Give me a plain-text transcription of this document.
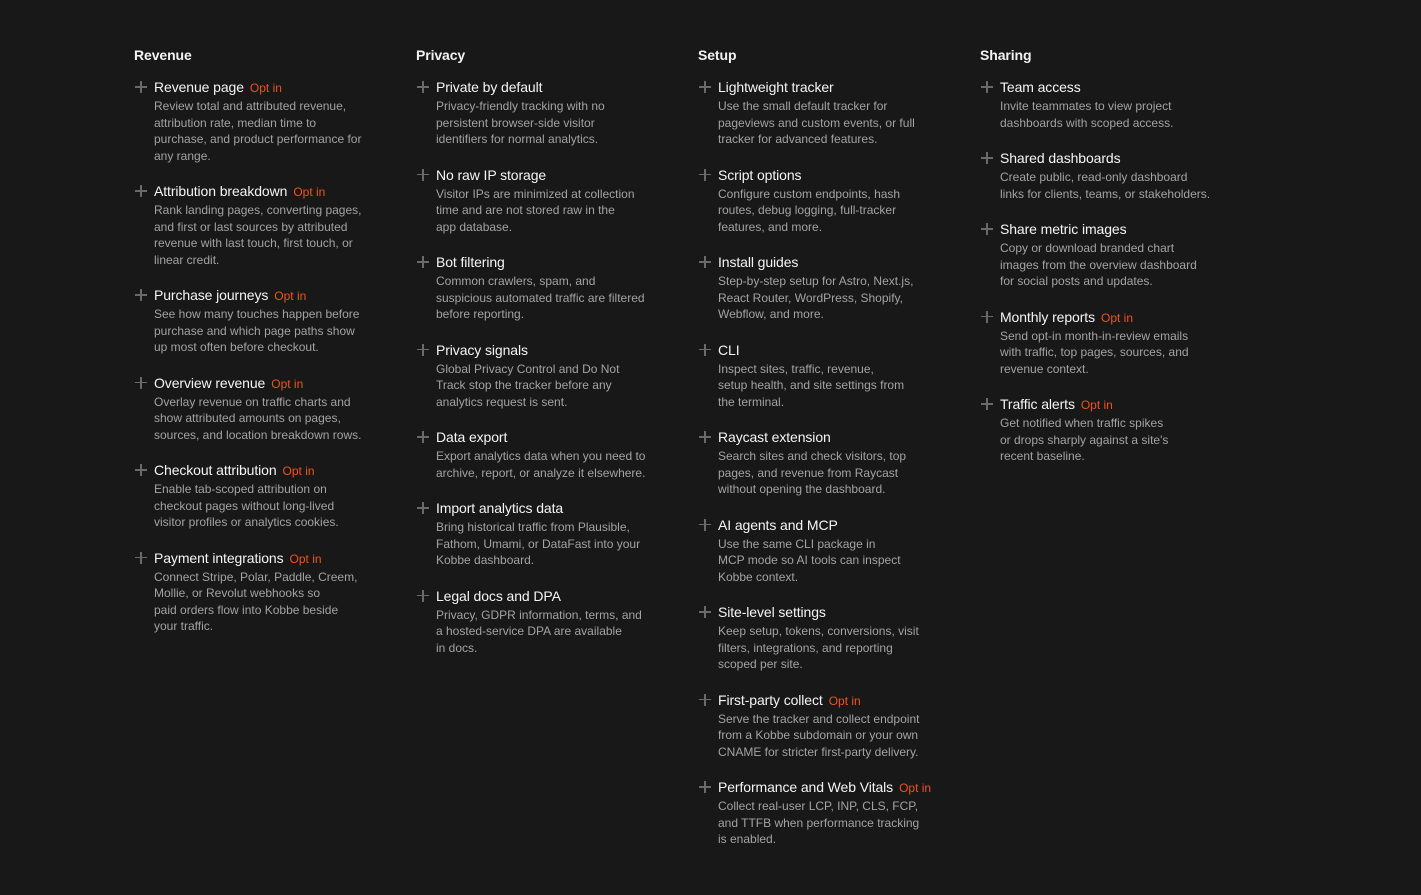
Revenue
Revenue page Opt in
Review total and attributed revenue,
attribution rate, median time to
purchase, and product performance for
any range.
Attribution breakdown Opt in
Rank landing pages, converting pages,
and first or last sources by attributed
revenue with last touch, first touch, or
linear credit.
Purchase journeys Opt in
See how many touches happen before
purchase and which page paths show
up most often before checkout.
Overview revenue Opt in
Overlay revenue on traffic charts and
show attributed amounts on pages,
sources, and location breakdown rows.
Checkout attribution Opt in
Enable tab-scoped attribution on
checkout pages without long-lived
visitor profiles or analytics cookies.
Payment integrations Opt in
Connect Stripe, Polar, Paddle, Creem,
Mollie, or Revolut webhooks so
paid orders flow into Kobbe beside
your traffic.
Privacy
Private by default
Privacy-friendly tracking with no
persistent browser-side visitor
identifiers for normal analytics.
No raw IP storage
Visitor IPs are minimized at collection
time and are not stored raw in the
app database.
Bot filtering
Common crawlers, spam, and
suspicious automated traffic are filtered
before reporting.
Privacy signals
Global Privacy Control and Do Not
Track stop the tracker before any
analytics request is sent.
Data export
Export analytics data when you need to
archive, report, or analyze it elsewhere.
Import analytics data
Bring historical traffic from Plausible,
Fathom, Umami, or DataFast into your
Kobbe dashboard.
Legal docs and DPA
Privacy, GDPR information, terms, and
a hosted-service DPA are available
in docs.
Setup
Lightweight tracker
Use the small default tracker for
pageviews and custom events, or full
tracker for advanced features.
Script options
Configure custom endpoints, hash
routes, debug logging, full-tracker
features, and more.
Install guides
Step-by-step setup for Astro, Next.js,
React Router, WordPress, Shopify,
Webflow, and more.
CLI
Inspect sites, traffic, revenue,
setup health, and site settings from
the terminal.
Raycast extension
Search sites and check visitors, top
pages, and revenue from Raycast
without opening the dashboard.
AI agents and MCP
Use the same CLI package in
MCP mode so AI tools can inspect
Kobbe context.
Site-level settings
Keep setup, tokens, conversions, visit
filters, integrations, and reporting
scoped per site.
First-party collect Opt in
Serve the tracker and collect endpoint
from a Kobbe subdomain or your own
CNAME for stricter first-party delivery.
Performance and Web Vitals Opt in
Collect real-user LCP, INP, CLS, FCP,
and TTFB when performance tracking
is enabled.
Sharing
Team access
Invite teammates to view project
dashboards with scoped access.
Shared dashboards
Create public, read-only dashboard
links for clients, teams, or stakeholders.
Share metric images
Copy or download branded chart
images from the overview dashboard
for social posts and updates.
Monthly reports Opt in
Send opt-in month-in-review emails
with traffic, top pages, sources, and
revenue context.
Traffic alerts Opt in
Get notified when traffic spikes
or drops sharply against a site's
recent baseline.
